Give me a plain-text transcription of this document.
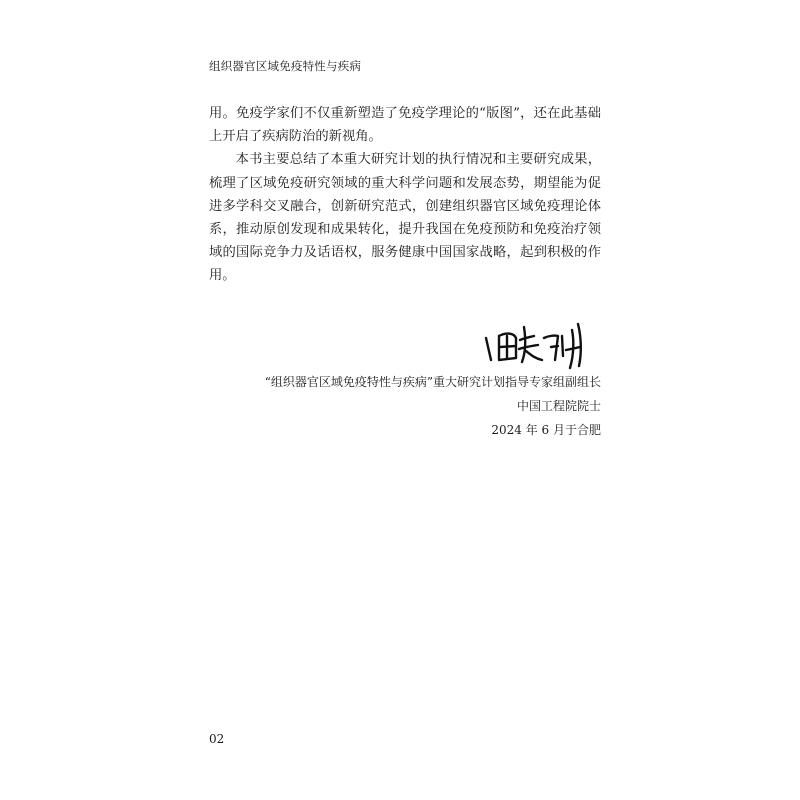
组织器官区域免疫特性与疾病

用。免疫学家们不仅重新塑造了免疫学理论的“版图”，还在此基础上开启了疾病防治的新视角。

本书主要总结了本重大研究计划的执行情况和主要研究成果，梳理了区域免疫研究领域的重大科学问题和发展态势，期望能为促进多学科交叉融合，创新研究范式，创建组织器官区域免疫理论体系，推动原创发现和成果转化，提升我国在免疫预防和免疫治疗领域的国际竞争力及话语权，服务健康中国国家战略，起到积极的作用。

“组织器官区域免疫特性与疾病”重大研究计划指导专家组副组长
中国工程院院士
2024 年 6 月于合肥
02
